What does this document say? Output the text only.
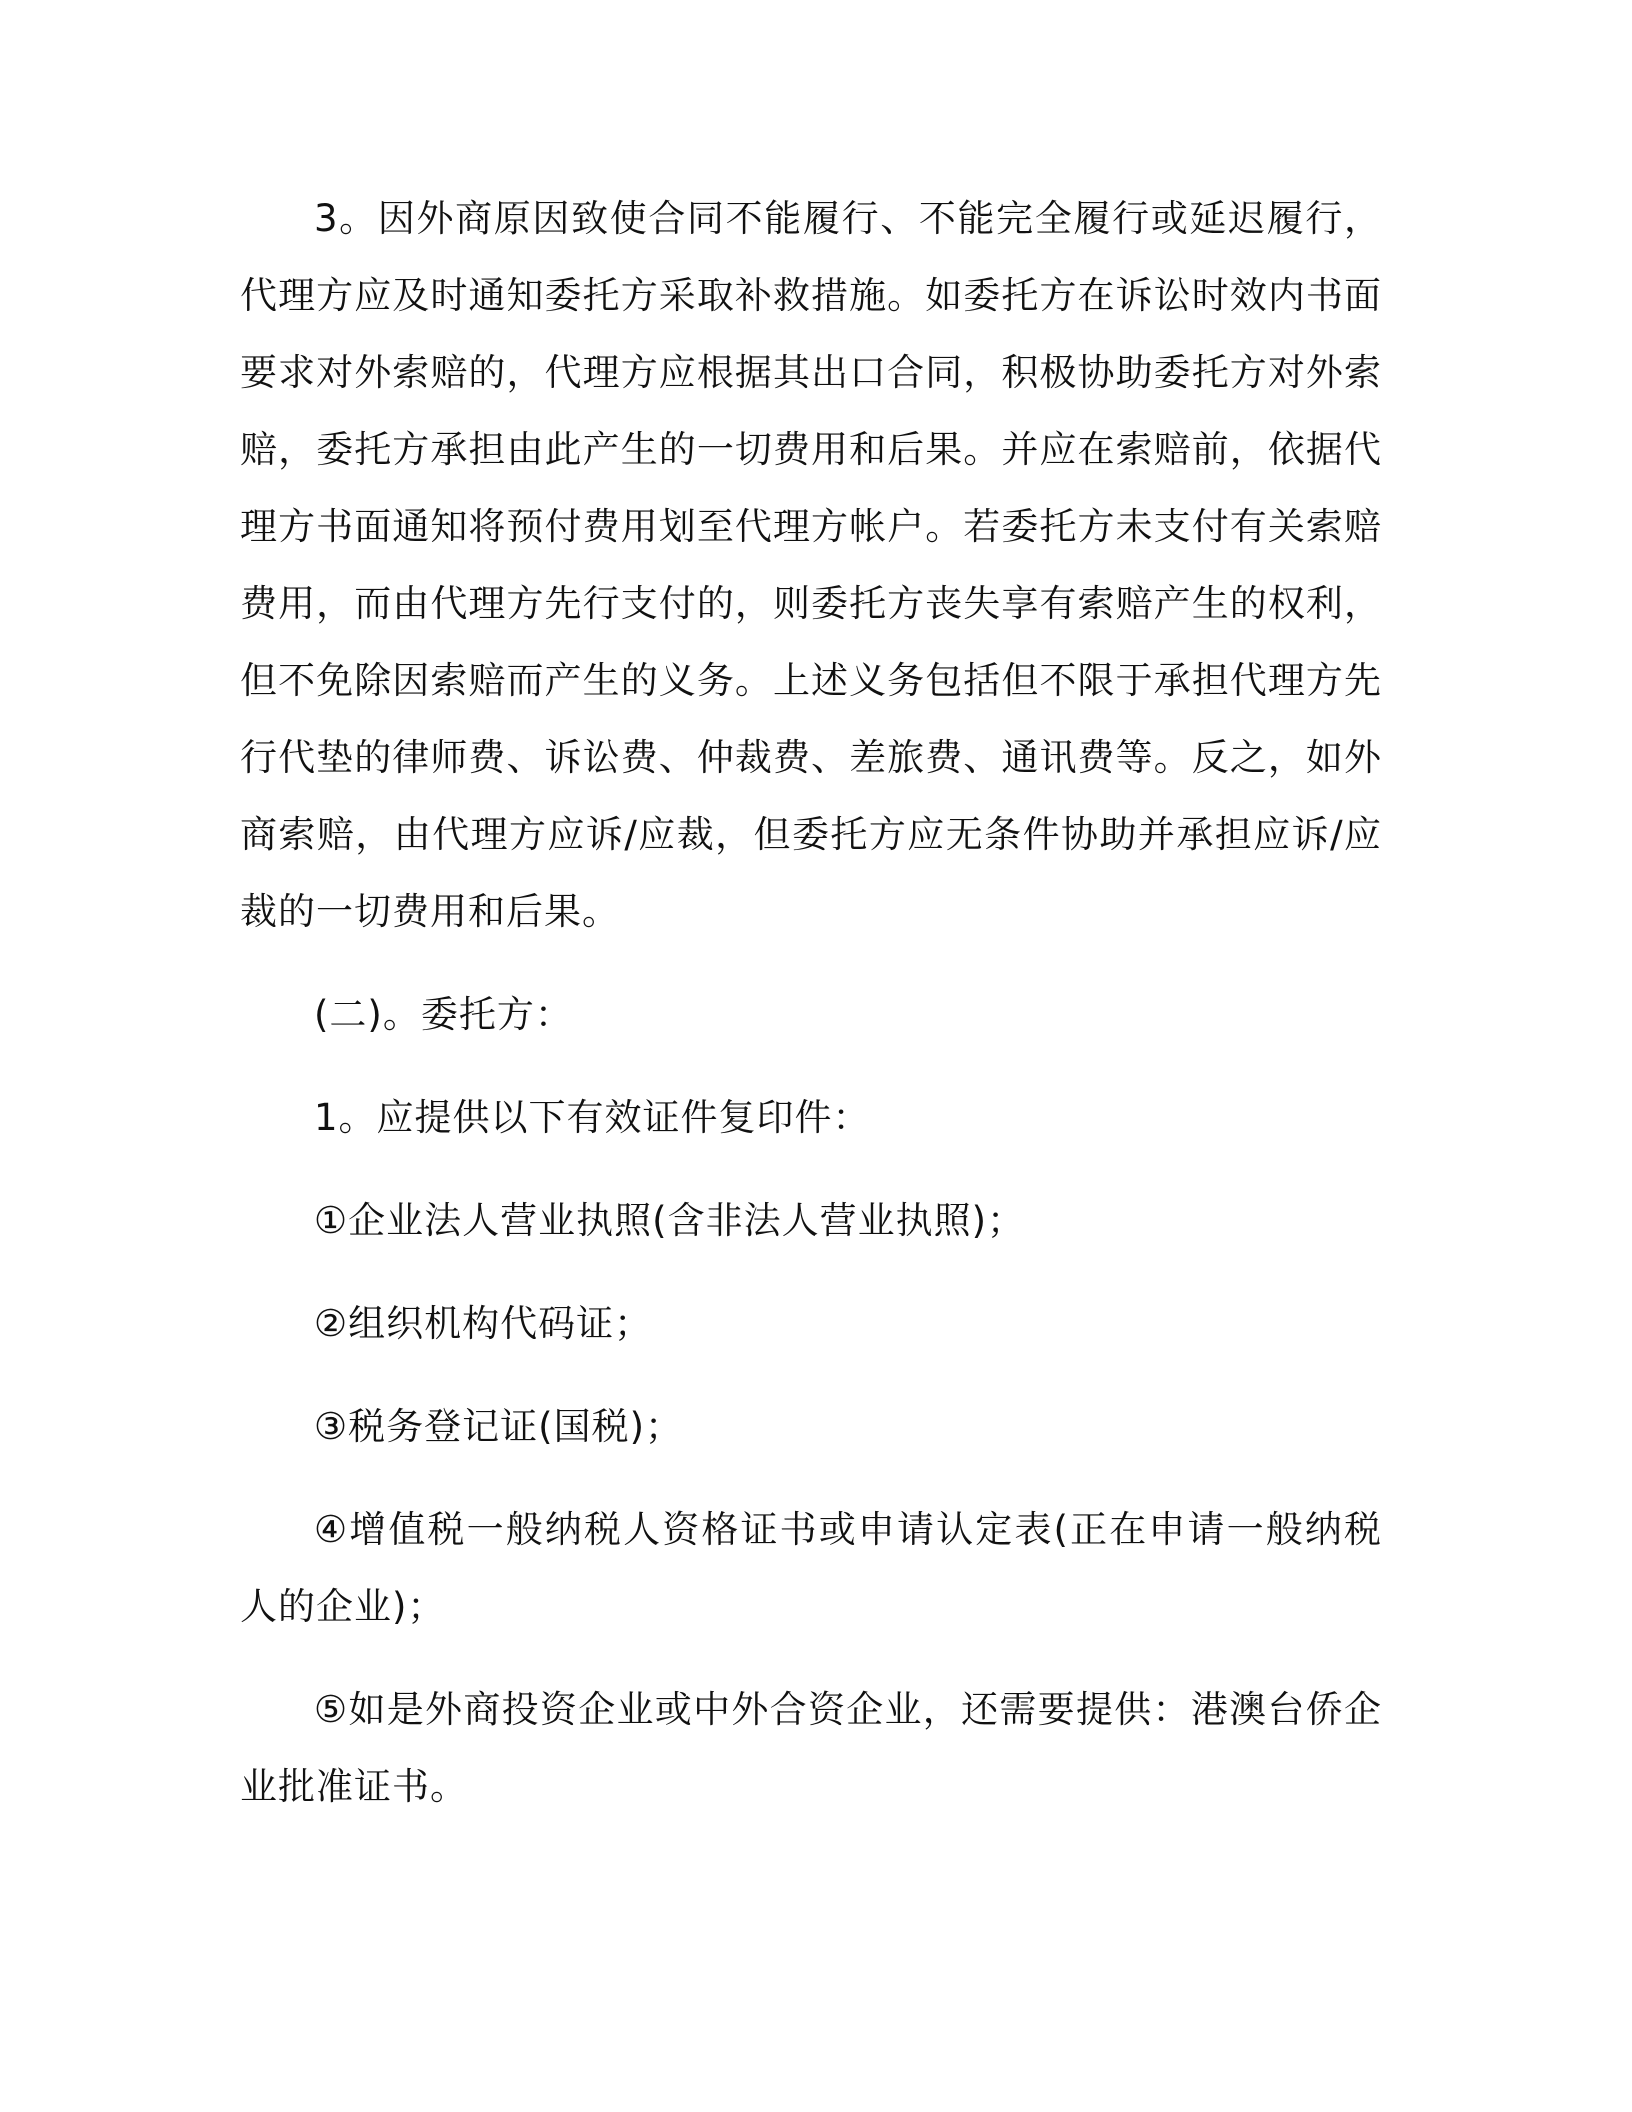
3。因外商原因致使合同不能履行、不能完全履行或延迟履行，代理方应及时通知委托方采取补救措施。如委托方在诉讼时效内书面要求对外索赔的，代理方应根据其出口合同，积极协助委托方对外索赔，委托方承担由此产生的一切费用和后果。并应在索赔前，依据代理方书面通知将预付费用划至代理方帐户。若委托方未支付有关索赔费用，而由代理方先行支付的，则委托方丧失享有索赔产生的权利，但不免除因索赔而产生的义务。上述义务包括但不限于承担代理方先行代垫的律师费、诉讼费、仲裁费、差旅费、通讯费等。反之，如外商索赔，由代理方应诉/应裁，但委托方应无条件协助并承担应诉/应裁的一切费用和后果。

(二)。委托方：

1。应提供以下有效证件复印件：

①企业法人营业执照(含非法人营业执照)；

②组织机构代码证；

③税务登记证(国税)；

④增值税一般纳税人资格证书或申请认定表(正在申请一般纳税人的企业)；

⑤如是外商投资企业或中外合资企业，还需要提供：港澳台侨企业批准证书。
